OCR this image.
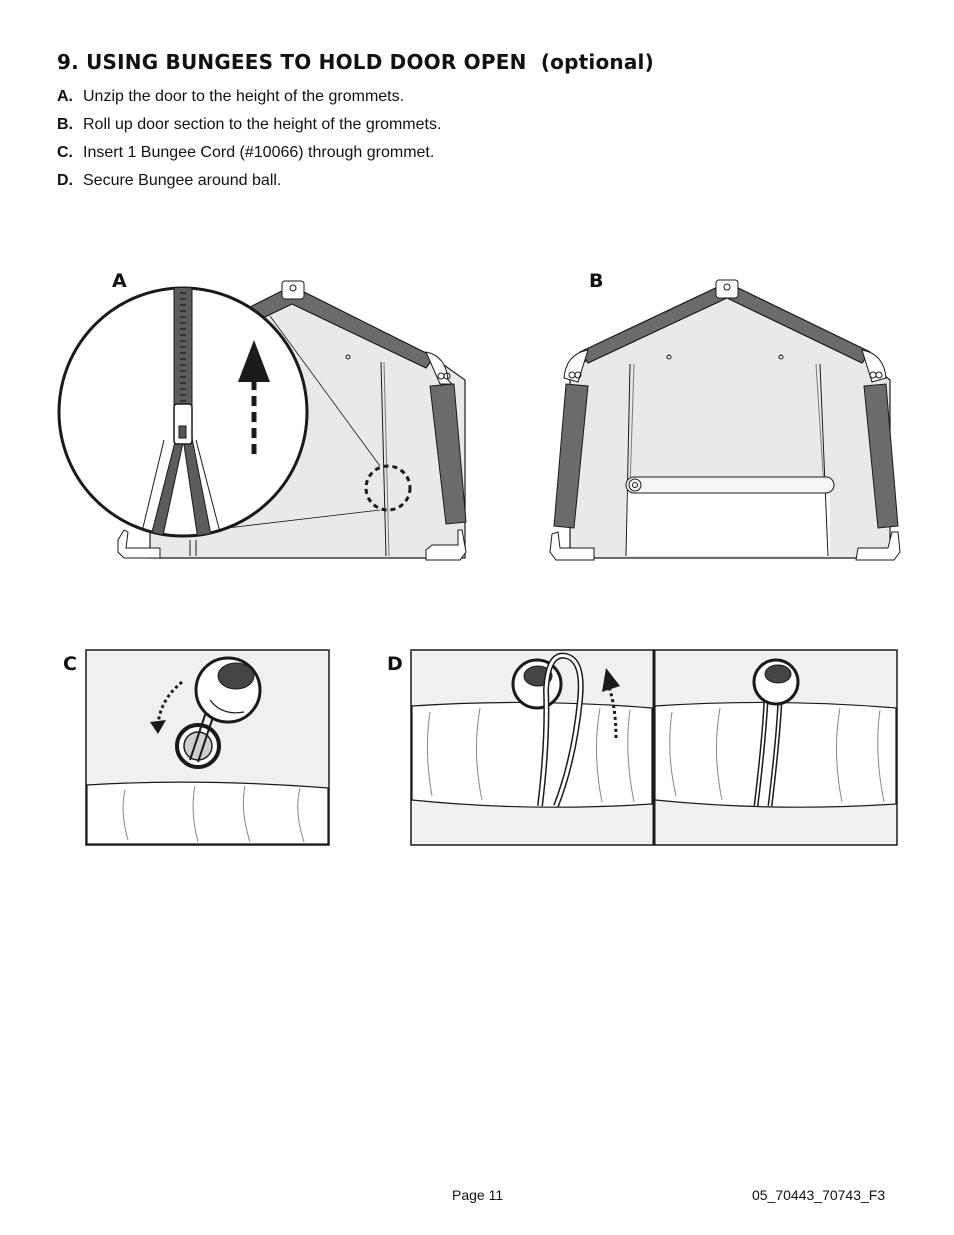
9. USING BUNGEES TO HOLD DOOR OPEN (optional)
A. Unzip the door to the height of the grommets.
B. Roll up door section to the height of the grommets.
C. Insert 1 Bungee Cord (#10066) through grommet.
D. Secure Bungee around ball.
A	B
C	D
Page 11	05_70443_70743_F3
